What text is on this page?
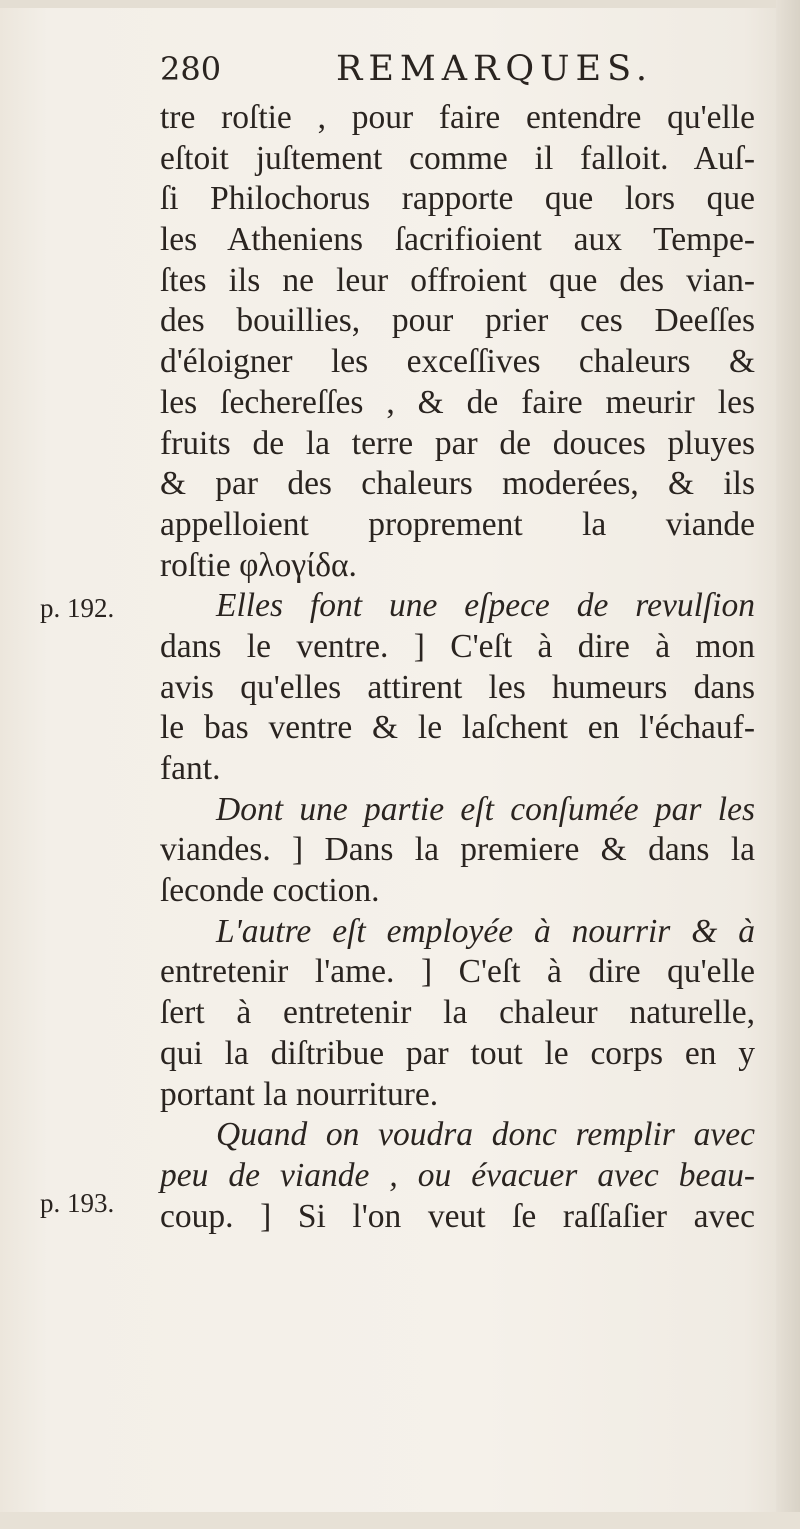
280	REMARQUES.
p. 192.
p. 193.
tre roſtie , pour faire entendre qu'elle
eſtoit juſtement comme il falloit. Auſ-
ſi Philochorus rapporte que lors que
les Atheniens ſacrifioient aux Tempe-
ſtes ils ne leur offroient que des vian-
des bouillies, pour prier ces Deeſſes
d'éloigner les exceſſives chaleurs &
les ſechereſſes , & de faire meurir les
fruits de la terre par de douces pluyes
& par des chaleurs moderées, & ils
appelloient proprement la viande
roſtie φλογίδα.
Elles font une eſpece de revulſion
dans le ventre. ] C'eſt à dire à mon
avis qu'elles attirent les humeurs dans
le bas ventre & le laſchent en l'échauf-
fant.
Dont une partie eſt conſumée par les
viandes. ] Dans la premiere & dans la
ſeconde coction.
L'autre eſt employée à nourrir & à
entretenir l'ame. ] C'eſt à dire qu'elle
ſert à entretenir la chaleur naturelle,
qui la diſtribue par tout le corps en y
portant la nourriture.
Quand on voudra donc remplir avec
peu de viande , ou évacuer avec beau-
coup. ] Si l'on veut ſe raſſaſier avec
